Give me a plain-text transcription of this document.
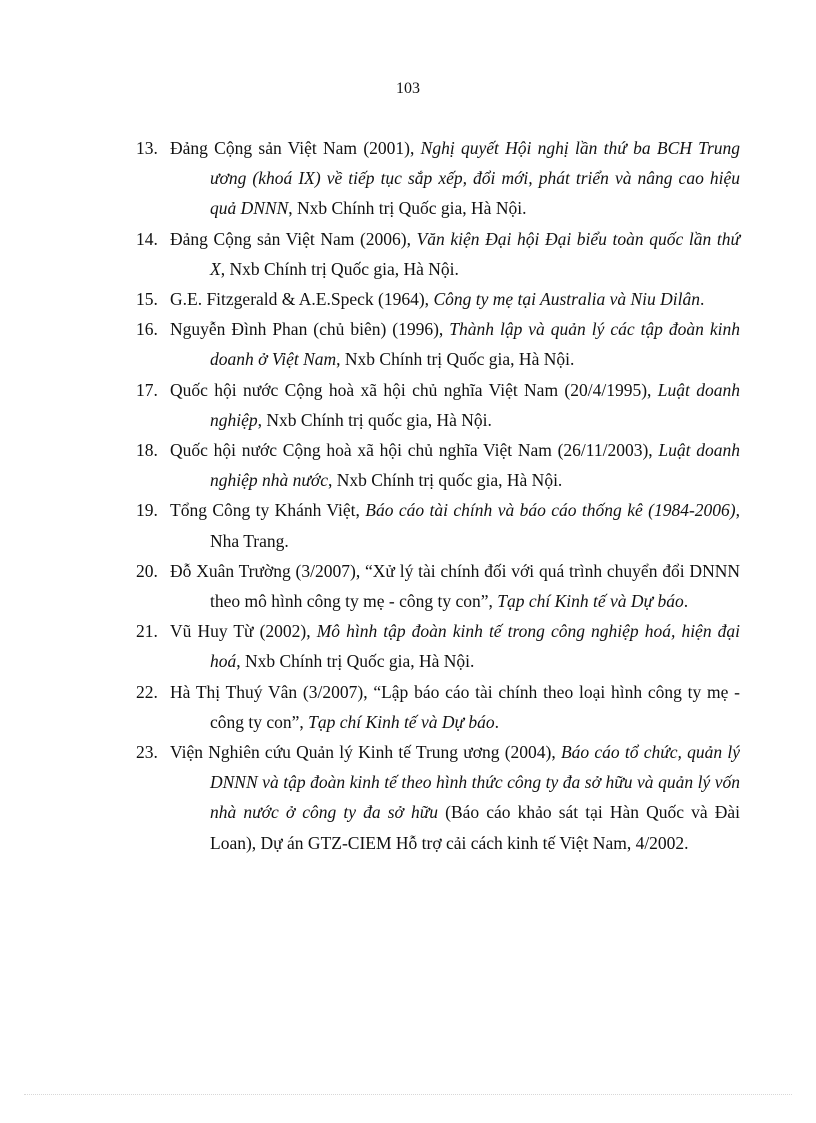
103
13. Đảng Cộng sản Việt Nam (2001), Nghị quyết Hội nghị lần thứ ba BCH Trung ương (khoá IX) về tiếp tục sắp xếp, đổi mới, phát triển và nâng cao hiệu quả DNNN, Nxb Chính trị Quốc gia, Hà Nội.
14. Đảng Cộng sản Việt Nam (2006), Văn kiện Đại hội Đại biểu toàn quốc lần thứ X, Nxb Chính trị Quốc gia, Hà Nội.
15. G.E. Fitzgerald & A.E.Speck (1964), Công ty mẹ tại Australia và Niu Dilân.
16. Nguyễn Đình Phan (chủ biên) (1996), Thành lập và quản lý các tập đoàn kinh doanh ở Việt Nam, Nxb Chính trị Quốc gia, Hà Nội.
17. Quốc hội nước Cộng hoà xã hội chủ nghĩa Việt Nam (20/4/1995), Luật doanh nghiệp, Nxb Chính trị quốc gia, Hà Nội.
18. Quốc hội nước Cộng hoà xã hội chủ nghĩa Việt Nam (26/11/2003), Luật doanh nghiệp nhà nước, Nxb Chính trị quốc gia, Hà Nội.
19. Tổng Công ty Khánh Việt, Báo cáo tài chính và báo cáo thống kê (1984-2006), Nha Trang.
20. Đỗ Xuân Trường (3/2007), “Xử lý tài chính đối với quá trình chuyển đổi DNNN theo mô hình công ty mẹ - công ty con”, Tạp chí Kinh tế và Dự báo.
21. Vũ Huy Từ (2002), Mô hình tập đoàn kinh tế trong công nghiệp hoá, hiện đại hoá, Nxb Chính trị Quốc gia, Hà Nội.
22. Hà Thị Thuý Vân (3/2007), “Lập báo cáo tài chính theo loại hình công ty mẹ - công ty con”, Tạp chí Kinh tế và Dự báo.
23. Viện Nghiên cứu Quản lý Kinh tế Trung ương (2004), Báo cáo tổ chức, quản lý DNNN và tập đoàn kinh tế theo hình thức công ty đa sở hữu và quản lý vốn nhà nước ở công ty đa sở hữu (Báo cáo khảo sát tại Hàn Quốc và Đài Loan), Dự án GTZ-CIEM Hỗ trợ cải cách kinh tế Việt Nam, 4/2002.
